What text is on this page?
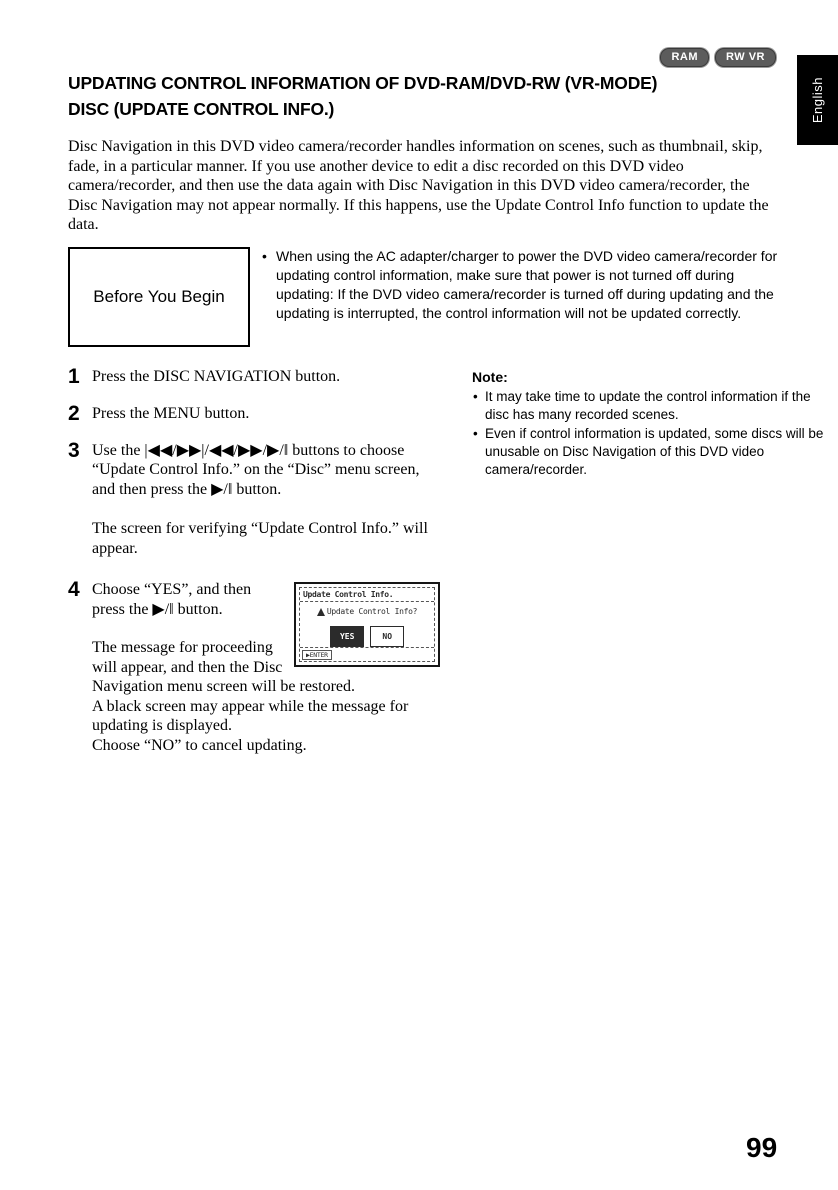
RAM	RW VR
English
UPDATING CONTROL INFORMATION OF DVD-RAM/DVD-RW (VR-MODE)
DISC (UPDATE CONTROL INFO.)

Disc Navigation in this DVD video camera/recorder handles information on scenes, such as thumbnail, skip, fade, in a particular manner. If you use another device to edit a disc recorded on this DVD video camera/recorder, and then use the data again with Disc Navigation in this DVD video camera/recorder, the Disc Navigation may not appear normally. If this happens, use the Update Control Info function to update the data.

Before You Begin
• When using the AC adapter/charger to power the DVD video camera/recorder for updating control information, make sure that power is not turned off during updating: If the DVD video camera/recorder is turned off during updating and the updating is interrupted, the control information will not be updated correctly.
1 Press the DISC NAVIGATION button.
2 Press the MENU button.
3 Use the |◀◀/▶▶|/◀◀/▶▶/▶/‖ buttons to choose “Update Control Info.” on the “Disc” menu screen, and then press the ▶/‖ button.

The screen for verifying “Update Control Info.” will appear.

4	Update Control Info.
Update Control Info?
YES	NO
▶ENTER

Choose “YES”, and then press the ▶/‖ button.

The message for proceeding will appear, and then the Disc Navigation menu screen will be restored.

A black screen may appear while the message for updating is displayed.

Choose “NO” to cancel updating.

Note:
• It may take time to update the control information if the disc has many recorded scenes.
• Even if control information is updated, some discs will be unusable on Disc Navigation of this DVD video camera/recorder.
99
